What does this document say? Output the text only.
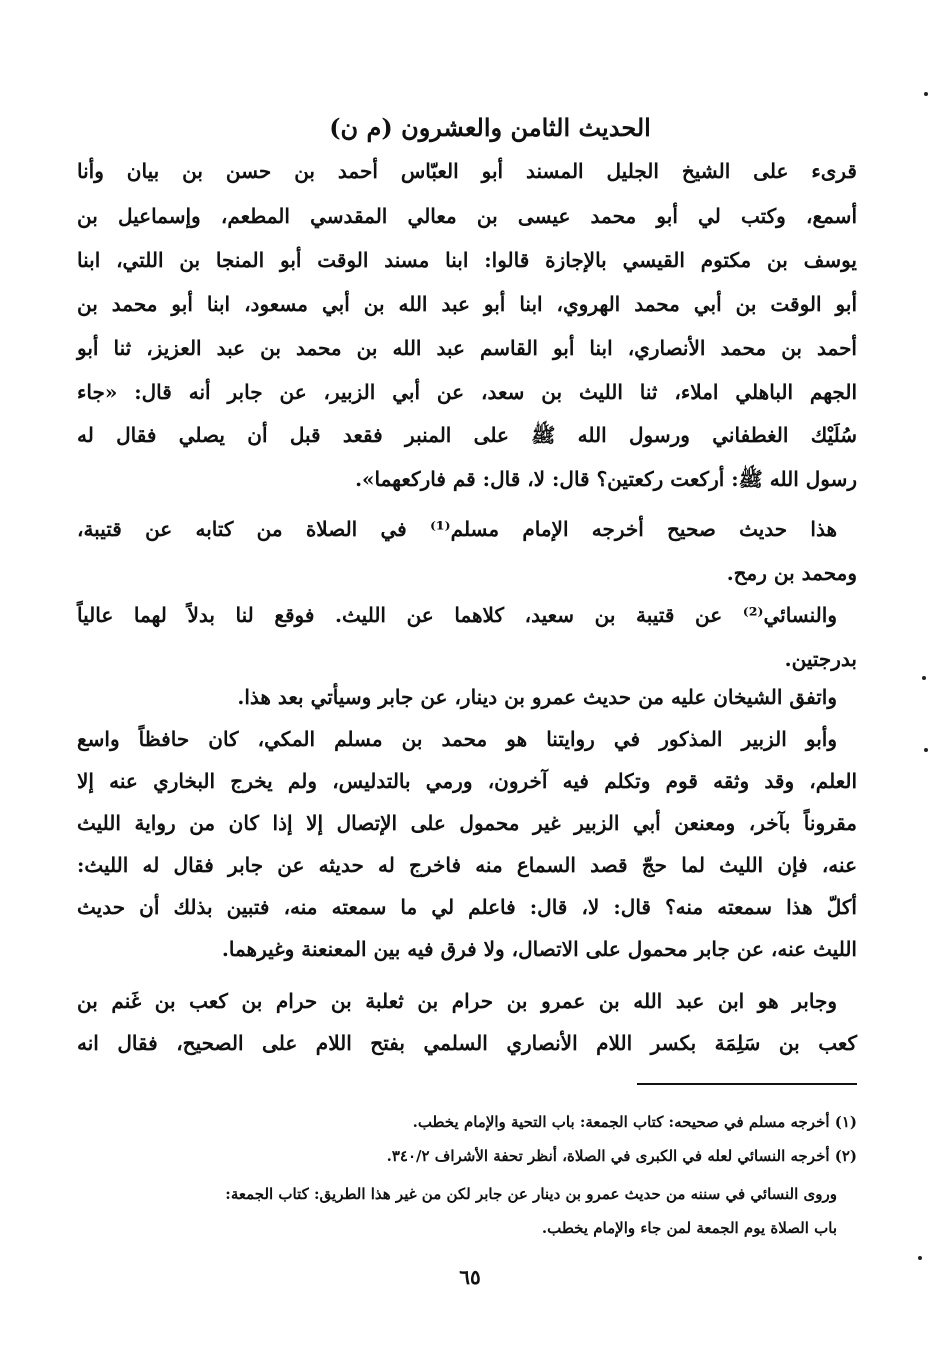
الحديث الثامن والعشرون (م ن)
قرىء على الشيخ الجليل المسند أبو العبّاس أحمد بن حسن بن بيان وأنا
أسمع، وكتب لي أبو محمد عيسى بن معالي المقدسي المطعم، وإسماعيل بن
يوسف بن مكتوم القيسي بالإجازة قالوا: ابنا مسند الوقت أبو المنجا بن اللتي، ابنا
أبو الوقت بن أبي محمد الهروي، ابنا أبو عبد الله بن أبي مسعود، ابنا أبو محمد بن
أحمد بن محمد الأنصاري، ابنا أبو القاسم عبد الله بن محمد بن عبد العزيز، ثنا أبو
الجهم الباهلي املاء، ثنا الليث بن سعد، عن أبي الزبير، عن جابر أنه قال: «جاء
سُلَيْك الغطفاني ورسول الله ﷺ على المنبر فقعد قبل أن يصلي فقال له
رسول الله ﷺ: أركعت ركعتين؟ قال: لا، قال: قم فاركعهما».
هذا حديث صحيح أخرجه الإمام مسلم⁽¹⁾ في الصلاة من كتابه عن قتيبة،
ومحمد بن رمح.
والنسائي⁽²⁾ عن قتيبة بن سعيد، كلاهما عن الليث. فوقع لنا بدلاً لهما عالياً
بدرجتين.
واتفق الشيخان عليه من حديث عمرو بن دينار، عن جابر وسيأتي بعد هذا.
وأبو الزبير المذكور في روايتنا هو محمد بن مسلم المكي، كان حافظاً واسع
العلم، وقد وثقه قوم وتكلم فيه آخرون، ورمي بالتدليس، ولم يخرج البخاري عنه إلا
مقروناً بآخر، ومعنعن أبي الزبير غير محمول على الإتصال إلا إذا كان من رواية الليث
عنه، فإن الليث لما حجّ قصد السماع منه فاخرج له حديثه عن جابر فقال له الليث:
أكلّ هذا سمعته منه؟ قال: لا، قال: فاعلم لي ما سمعته منه، فتبين بذلك أن حديث
الليث عنه، عن جابر محمول على الاتصال، ولا فرق فيه بين المعنعنة وغيرهما.
وجابر هو ابن عبد الله بن عمرو بن حرام بن ثعلبة بن حرام بن كعب بن غَنم بن
كعب بن سَلِمَة بكسر اللام الأنصاري السلمي بفتح اللام على الصحيح، فقال انه
(١) أخرجه مسلم في صحيحه: كتاب الجمعة: باب التحية والإمام يخطب.
(٢) أخرجه النسائي لعله في الكبرى في الصلاة، أنظر تحفة الأشراف ٣٤٠/٢.
وروى النسائي في سننه من حديث عمرو بن دينار عن جابر لكن من غير هذا الطريق: كتاب الجمعة:
باب الصلاة يوم الجمعة لمن جاء والإمام يخطب.
٦٥
